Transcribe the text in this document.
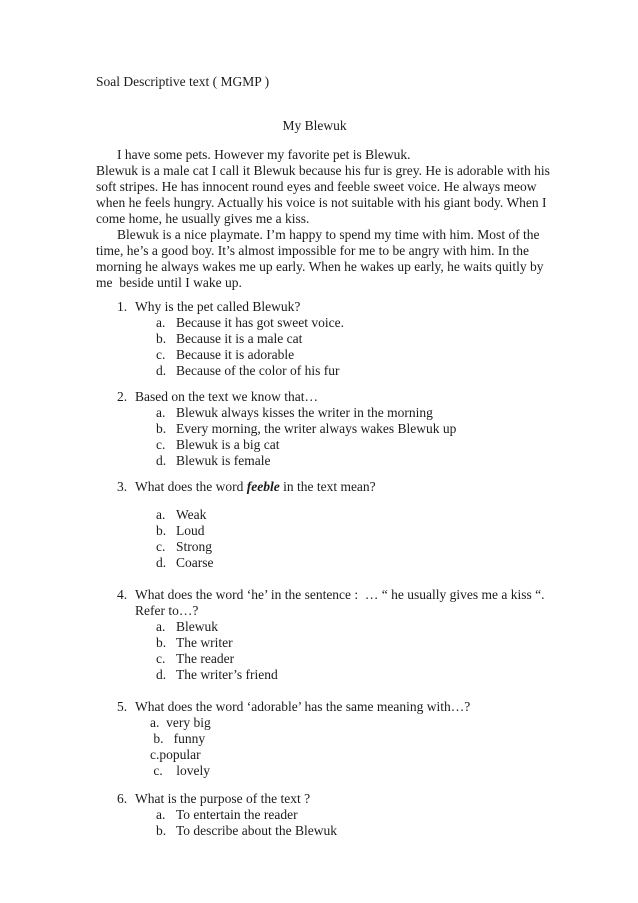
Soal Descriptive text ( MGMP )
My Blewuk
I have some pets. However my favorite pet is Blewuk.
Blewuk is a male cat I call it Blewuk because his fur is grey. He is adorable with his
soft stripes. He has innocent round eyes and feeble sweet voice. He always meow
when he feels hungry. Actually his voice is not suitable with his giant body. When I
come home, he usually gives me a kiss.
Blewuk is a nice playmate. I’m happy to spend my time with him. Most of the
time, he’s a good boy. It’s almost impossible for me to be angry with him. In the
morning he always wakes me up early. When he wakes up early, he waits quitly by
me  beside until I wake up.
1. Why is the pet called Blewuk?
a. Because it has got sweet voice.
b. Because it is a male cat
c. Because it is adorable
d. Because of the color of his fur
2. Based on the text we know that…
a. Blewuk always kisses the writer in the morning
b. Every morning, the writer always wakes Blewuk up
c. Blewuk is a big cat
d. Blewuk is female
3. What does the word feeble in the text mean?
a. Weak
b. Loud
c. Strong
d. Coarse
4. What does the word ‘he’ in the sentence :  … “ he usually gives me a kiss “.
Refer to…?
a. Blewuk
b. The writer
c. The reader
d. The writer’s friend
5. What does the word ‘adorable’ has the same meaning with…?
a.  very big
b.   funny
c.popular
c.    lovely
6. What is the purpose of the text ?
a. To entertain the reader
b. To describe about the Blewuk
